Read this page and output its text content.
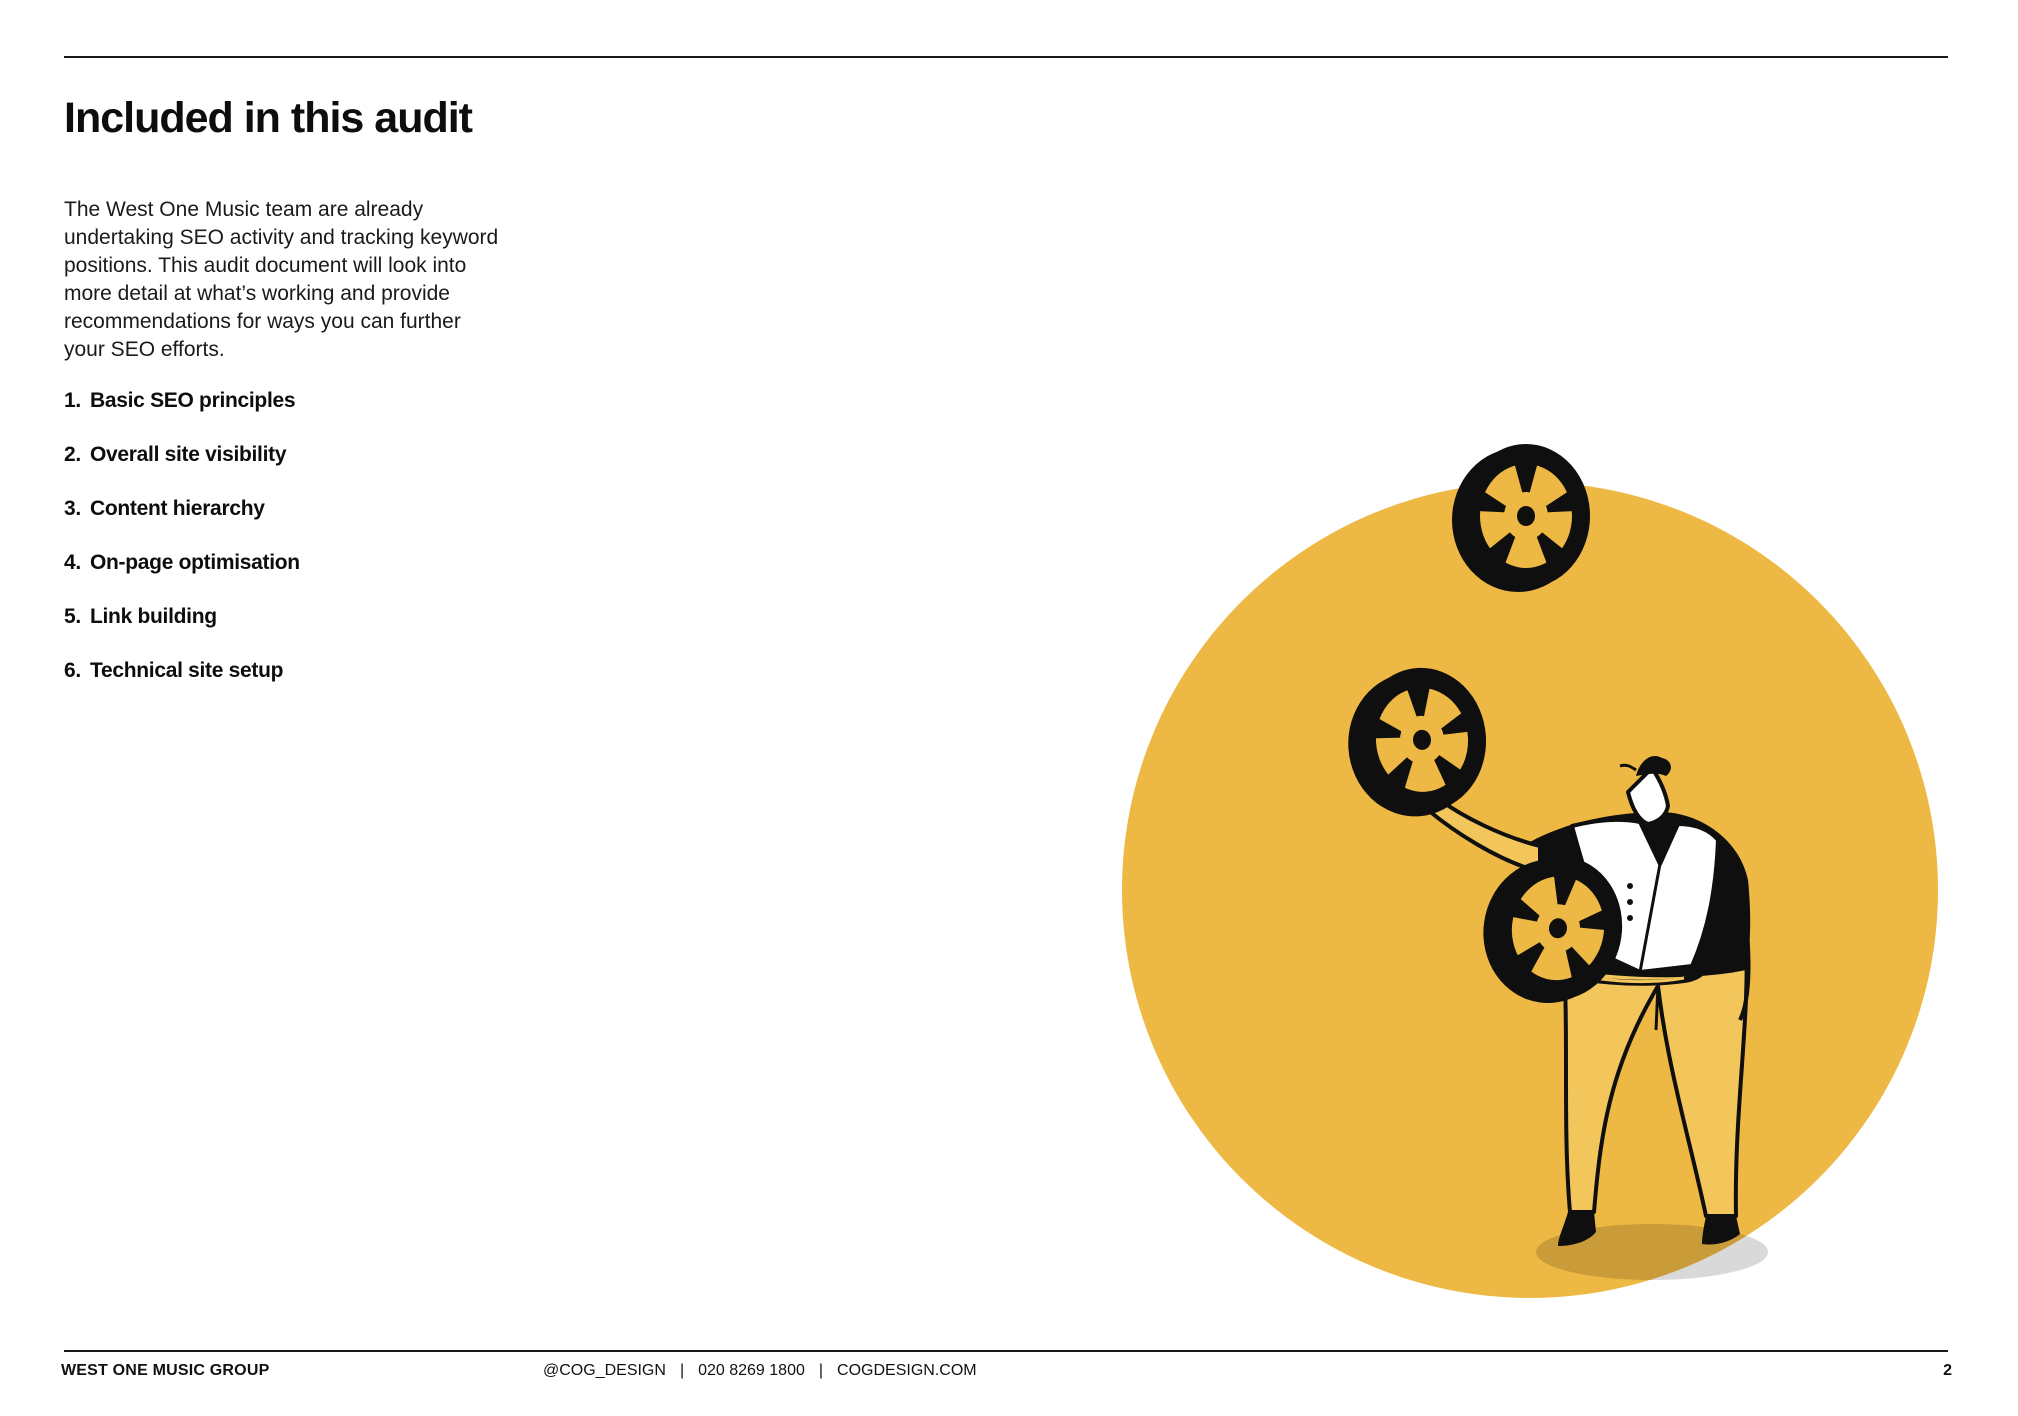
Included in this audit

The West One Music team are already undertaking SEO activity and tracking keyword positions. This audit document will look into more detail at what’s working and provide recommendations for ways you can further your SEO efforts.

1. Basic SEO principles
2. Overall site visibility
3. Content hierarchy
4. On-page optimisation
5. Link building
6. Technical site setup
WEST ONE MUSIC GROUP	@COG_DESIGN | 020 8269 1800 | COGDESIGN.COM	2
